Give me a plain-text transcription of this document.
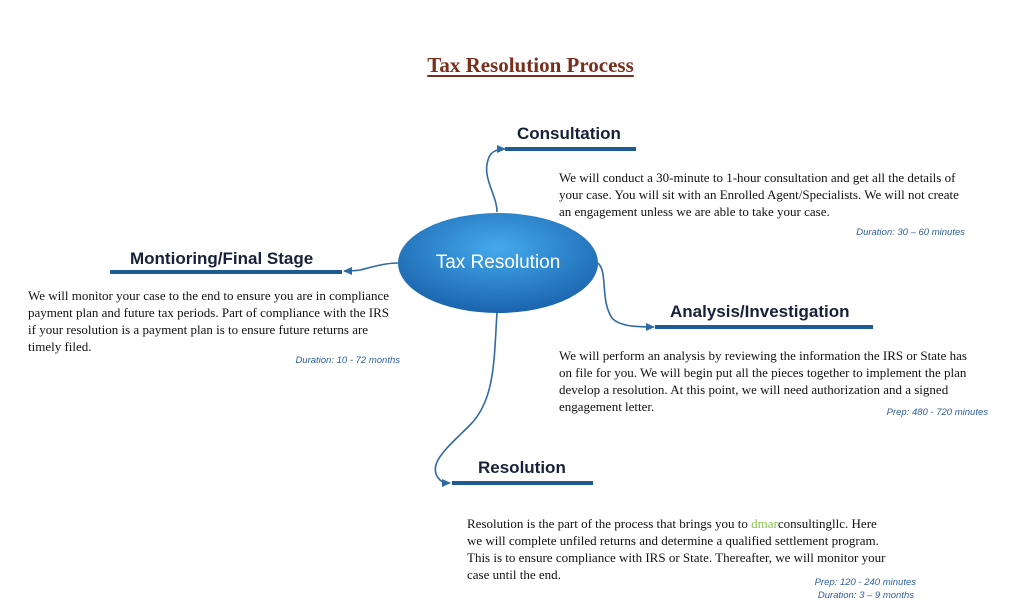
Tax Resolution Process
Tax Resolution
Consultation
We will conduct a 30-minute to 1-hour consultation and get all the details of
your case. You will sit with an Enrolled Agent/Specialists. We will not create
an engagement unless we are able to take your case.
Duration: 30 – 60 minutes
Montioring/Final Stage
We will monitor your case to the end to ensure you are in compliance
payment plan and future tax periods. Part of compliance with the IRS
if your resolution is a payment plan is to ensure future returns are
timely filed.
Duration: 10 - 72 months
Analysis/Investigation
We will perform an analysis by reviewing the information the IRS or State has
on file for you. We will begin put all the pieces together to implement the plan
develop a resolution. At this point, we will need authorization and a signed
engagement letter.	Prep: 480 - 720 minutes
Resolution
Resolution is the part of the process that brings you to dmarconsultingllc. Here
we will complete unfiled returns and determine a qualified settlement program.
This is to ensure compliance with IRS or State. Thereafter, we will monitor your
case until the end.
Prep: 120 - 240 minutes
Duration: 3 – 9 months
